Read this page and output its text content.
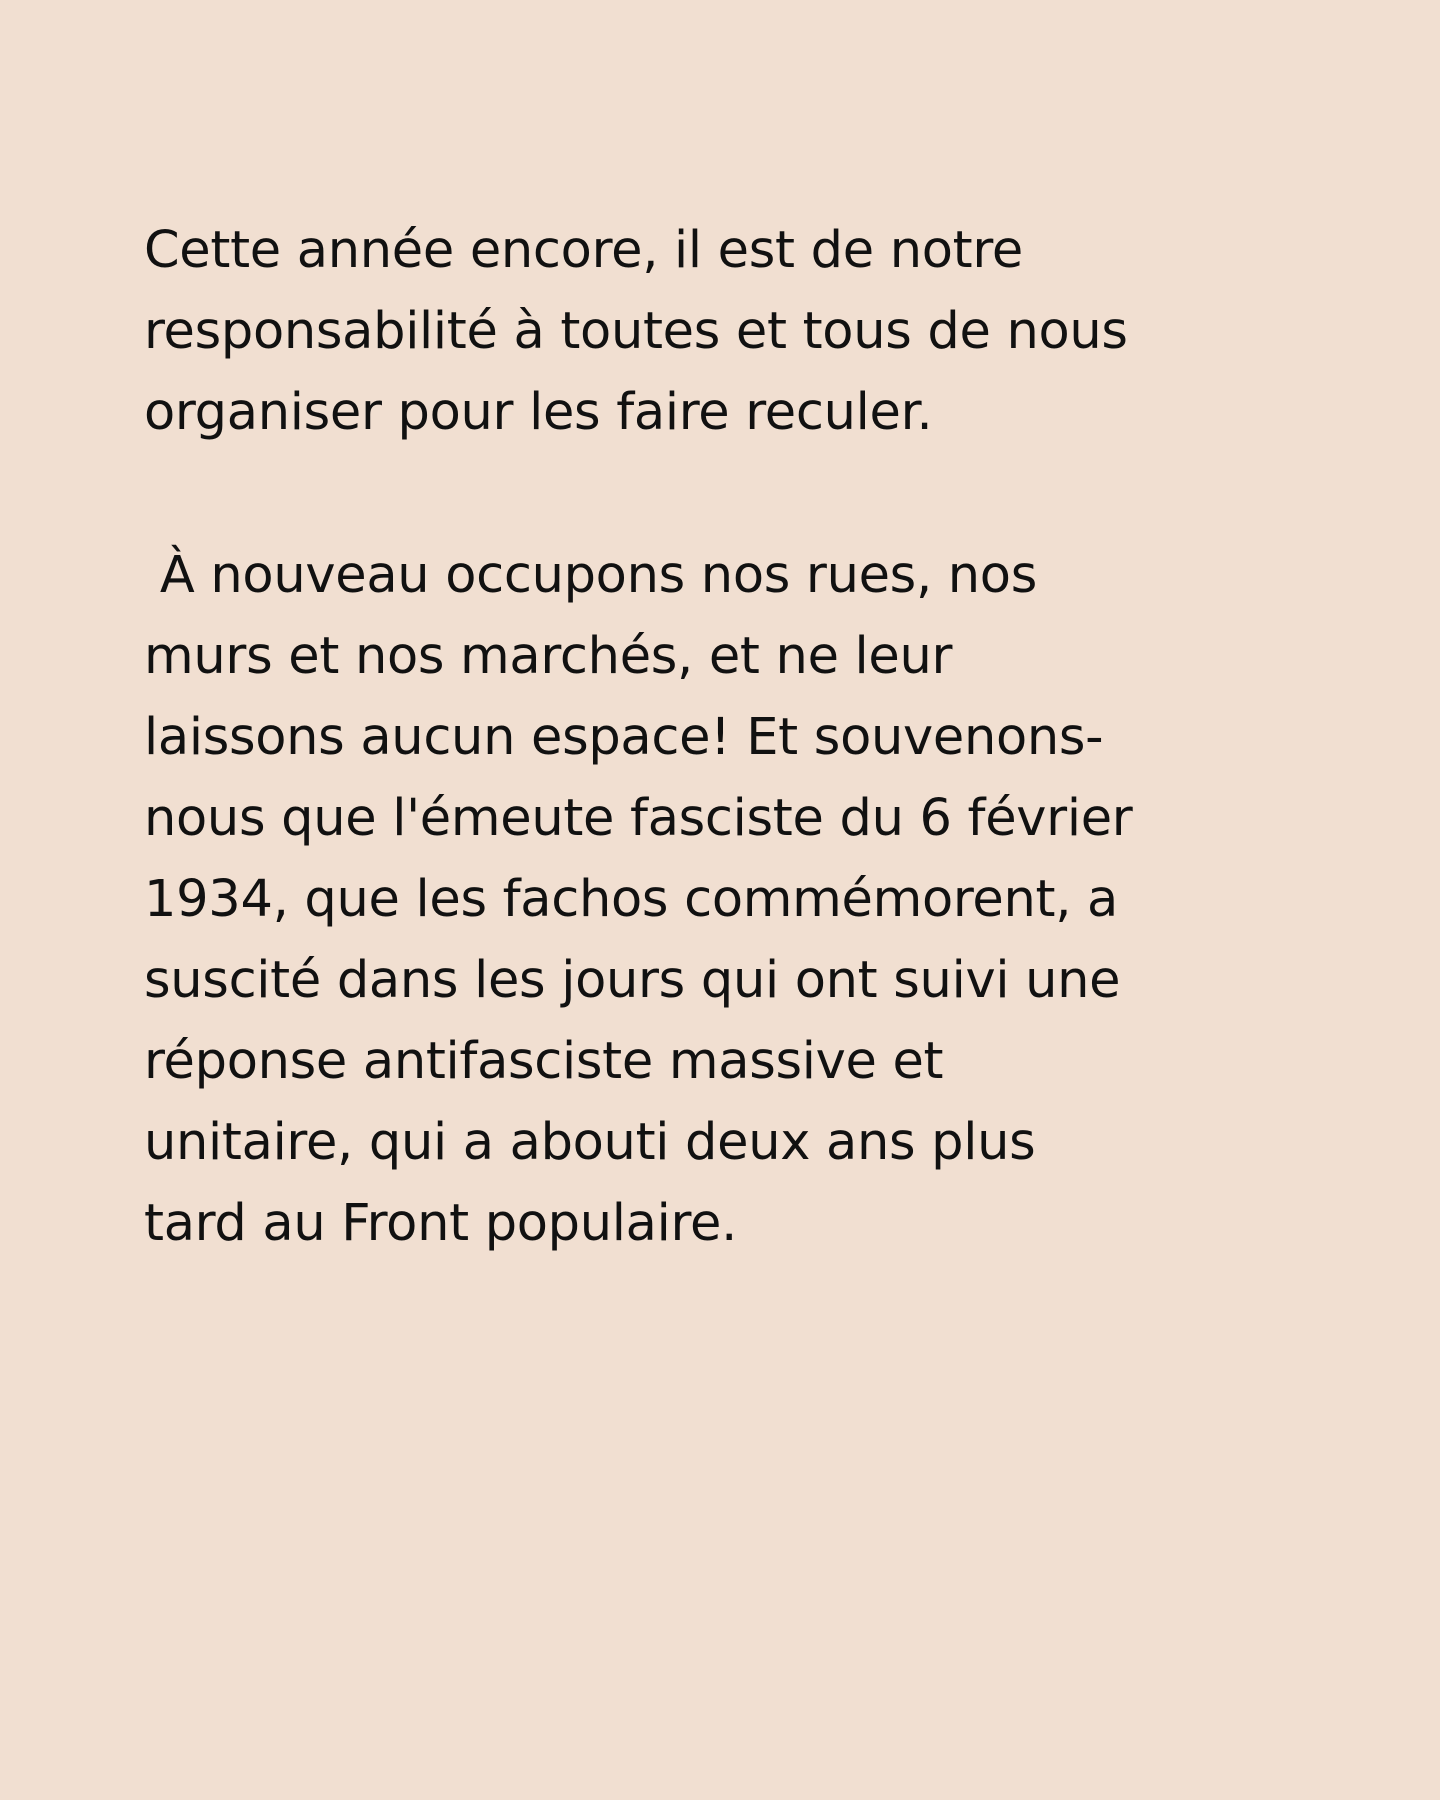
Cette année encore, il est de notre
responsabilité à toutes et tous de nous
organiser pour les faire reculer.
À nouveau occupons nos rues, nos
murs et nos marchés, et ne leur
laissons aucun espace! Et souvenons-
nous que l'émeute fasciste du 6 février
1934, que les fachos commémorent, a
suscité dans les jours qui ont suivi une
réponse antifasciste massive et
unitaire, qui a abouti deux ans plus
tard au Front populaire.
